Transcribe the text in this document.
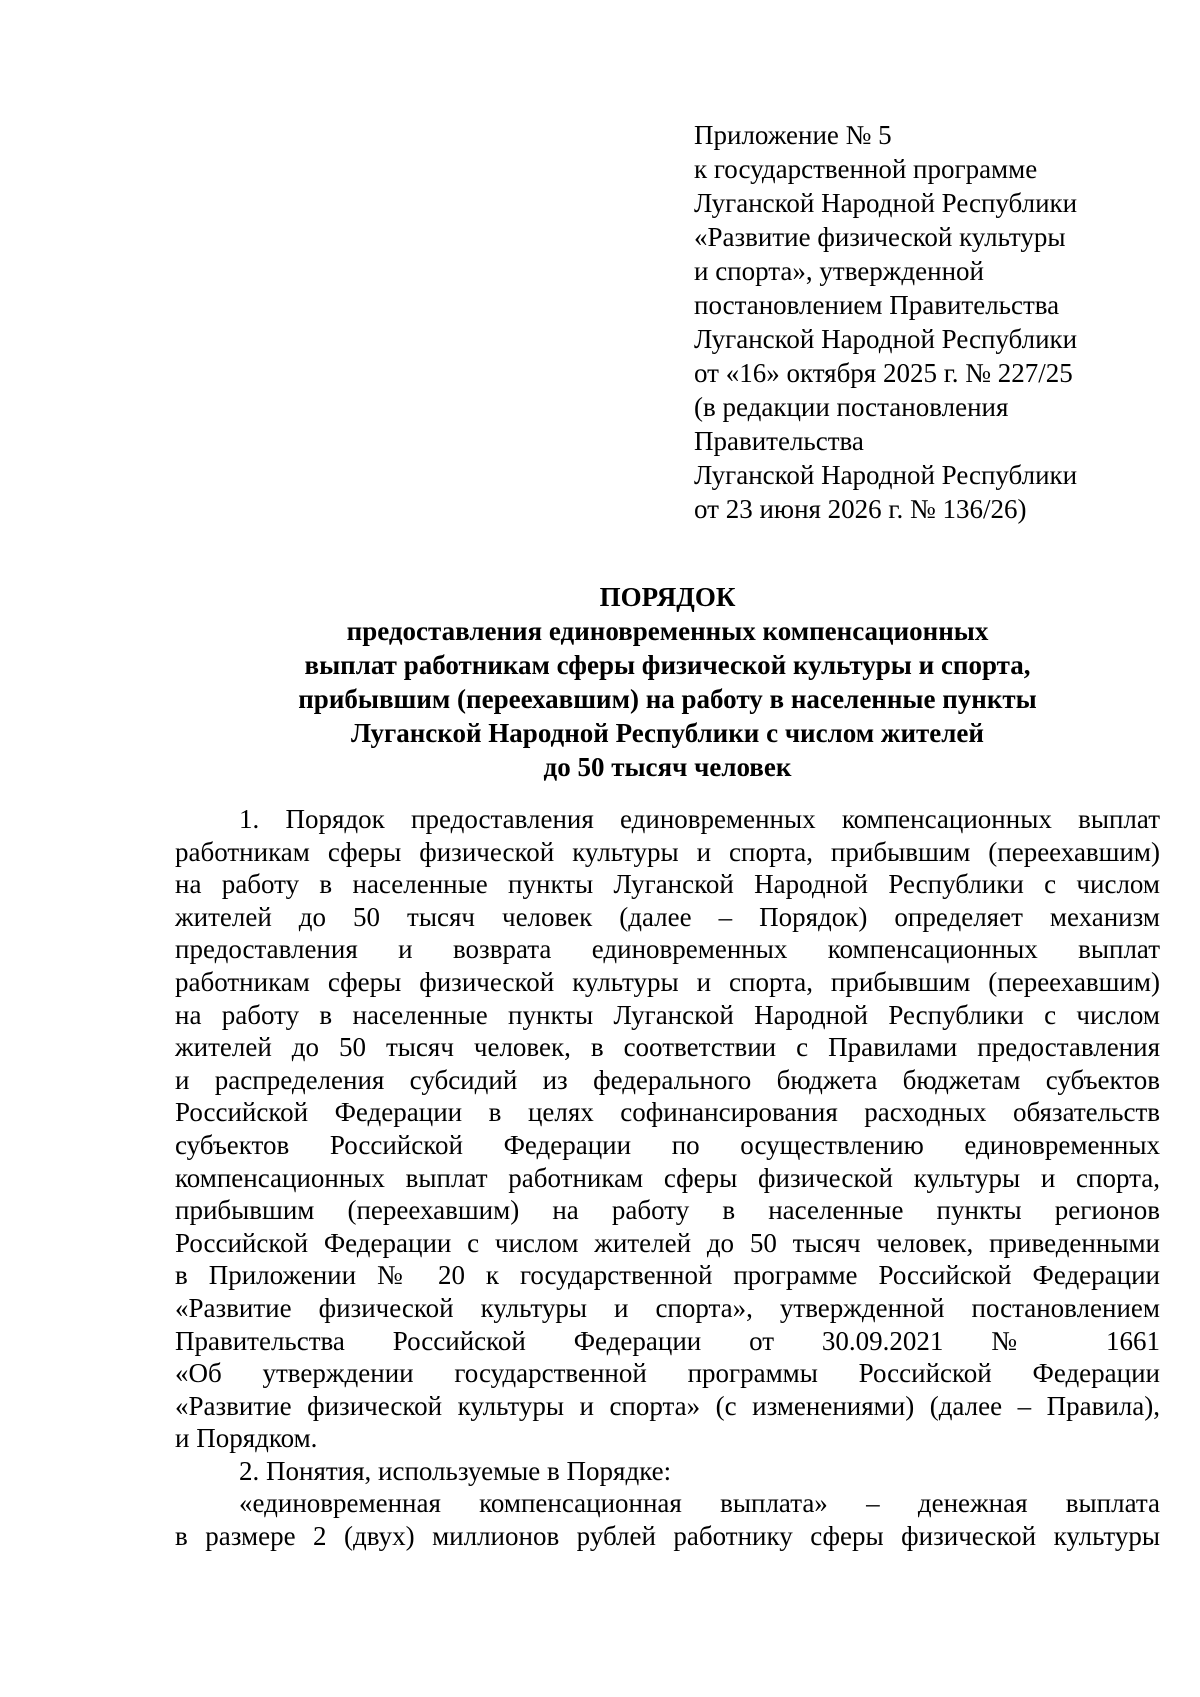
Приложение № 5
к государственной программе
Луганской Народной Республики
«Развитие физической культуры
и спорта», утвержденной
постановлением Правительства
Луганской Народной Республики
от «16» октября 2025 г. № 227/25
(в редакции постановления
Правительства
Луганской Народной Республики
от 23 июня 2026 г. № 136/26)
ПОРЯДОК
предоставления единовременных компенсационных
выплат работникам сферы физической культуры и спорта,
прибывшим (переехавшим) на работу в населенные пункты
Луганской Народной Республики с числом жителей
до 50 тысяч человек
1. Порядок предоставления единовременных компенсационных выплат
работникам сферы физической культуры и спорта, прибывшим (переехавшим)
на работу в населенные пункты Луганской Народной Республики с числом
жителей до 50 тысяч человек (далее – Порядок) определяет механизм
предоставления и возврата единовременных компенсационных выплат
работникам сферы физической культуры и спорта, прибывшим (переехавшим)
на работу в населенные пункты Луганской Народной Республики с числом
жителей до 50 тысяч человек, в соответствии с Правилами предоставления
и распределения субсидий из федерального бюджета бюджетам субъектов
Российской Федерации в целях софинансирования расходных обязательств
субъектов Российской Федерации по осуществлению единовременных
компенсационных выплат работникам сферы физической культуры и спорта,
прибывшим (переехавшим) на работу в населенные пункты регионов
Российской Федерации с числом жителей до 50 тысяч человек, приведенными
в Приложении № 20 к государственной программе Российской Федерации
«Развитие физической культуры и спорта», утвержденной постановлением
Правительства Российской Федерации от 30.09.2021 № 1661
«Об утверждении государственной программы Российской Федерации
«Развитие физической культуры и спорта» (с изменениями) (далее – Правила),
и Порядком.
2. Понятия, используемые в Порядке:
«единовременная компенсационная выплата» – денежная выплата
в размере 2 (двух) миллионов рублей работнику сферы физической культуры
